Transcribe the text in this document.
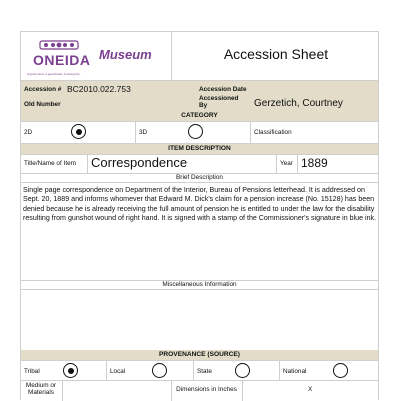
ONEIDA
A good mind. A good heart. A strong fire.
Museum	Accession Sheet
Accession # BC2010.022.753	Accession Date
Old Number
Accessioned
By	Gerzetich, Courtney
CATEGORY
2D	3D	Classification
ITEM DESCRIPTION
Title/Name of Item Correspondence	Year 1889
Brief Description
Single page correspondence on Department of the Interior, Bureau of Pensions letterhead. It is addressed on Sept. 20, 1889 and informs whomever that Edward M. Dick's claim for a pension increase (No. 15128) has been denied because he is already receiving the full amount of pension he is entitled to under the law for the disability resulting from gunshot wound of right hand. It is signed with a stamp of the Commissioner's signature in blue ink.
Miscellaneous Information
PROVENANCE (SOURCE)
Tribal	Local	State	National
Medium or
Materials	Dimensions in Inches	X
